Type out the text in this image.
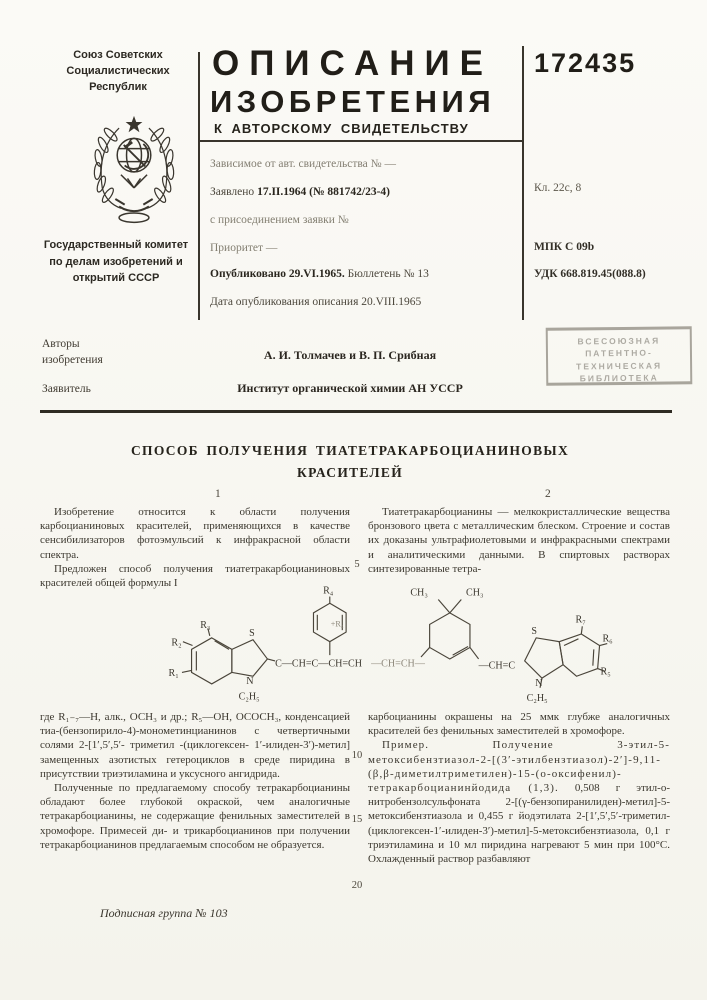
Союз Советских Социалистических Республик
Государственный комитет по делам изобретений и открытий СССР
ОПИСАНИЕ
ИЗОБРЕТЕНИЯ
К АВТОРСКОМУ СВИДЕТЕЛЬСТВУ
172435
Зависимое от авт. свидетельства № —
Заявлено 17.II.1964 (№ 881742/23-4)
с присоединением заявки №
Приоритет —
Опубликовано 29.VI.1965. Бюллетень № 13
Дата опубликования описания 20.VIII.1965
Кл. 22с, 8
МПК C 09b
УДК 668.819.45(088.8)
Авторы изобретения	А. И. Толмачев и В. П. Срибная
Заявитель	Институт органической химии АН УССР
ВСЕСОЮЗНАЯ
ПАТЕНТНО-
ТЕХНИЧЕСКАЯ
БИБЛИОТЕКА
СПОСОБ ПОЛУЧЕНИЯ ТИАТЕТРАКАРБОЦИАНИНОВЫХ
КРАСИТЕЛЕЙ
1	2

Изобретение относится к области получения карбоцианиновых красителей, применяющихся в качестве сенсибилизаторов фотоэмульсий к инфракрасной области спектра.

Предложен способ получения тиатетракарбоцианиновых красителей общей формулы I

Тиатетракарбоцианины — мелкокристаллические вещества бронзового цвета с металлическим блеском. Строение и состав их доказаны ультрафиолетовыми и инфракрасными спектрами и аналитическими данными. В спиртовых растворах синтезированные тетра-

5
R₃
R₂
R₁
S
N
C₂H₅
C—CH=C—CH=CH —CH=CH—
R₄
+R₄
CH₃	CH₃
—CH=C
S
R₇
R₆
R₅
N
C₂H₅

где R₁₋₇—Н, алк., ОСН₃ и др.; R₅—ОН, ОСОСН₃, конденсацией тиа-(бензопирило-4)-монометинцианинов с четвертичными солями 2-[1′,5′,5′- триметил -(циклогексен- 1′-илиден-3′)-метил] замещенных азотистых гетероциклов в среде пиридина в присутствии триэтиламина и уксусного ангидрида.

Полученные по предлагаемому способу тетракарбоцианины обладают более глубокой окраской, чем аналогичные тетракарбоцианины, не содержащие фенильных заместителей в хромофоре. Примесей ди- и трикарбоцианинов при получении тетракарбоцианинов предлагаемым способом не образуется.

карбоцианины окрашены на 25 ммк глубже аналогичных красителей без фенильных заместителей в хромофоре.

Пример. Получение 3-этил-5-метоксибензтиазол-2-[(3′-этилбензтиазол)-2′]-9,11-(β,β-диметилтриметилен)-15-(о-оксифенил)-тетракарбоцианинйодида (1,3). 0,508 г этил-о-нитробензолсульфоната 2-[(γ-бензопиранилиден)-метил]-5-метоксибензтиазола и 0,455 г йодэтилата 2-[1′,5′,5′-триметил-(циклогексен-1′-илиден-3′)-метил]-5-метоксибензтиазола, 0,1 г триэтиламина и 10 мл пиридина нагревают 5 мин при 100°С. Охлажденный раствор разбавляют

10
15
20
Подписная группа № 103
